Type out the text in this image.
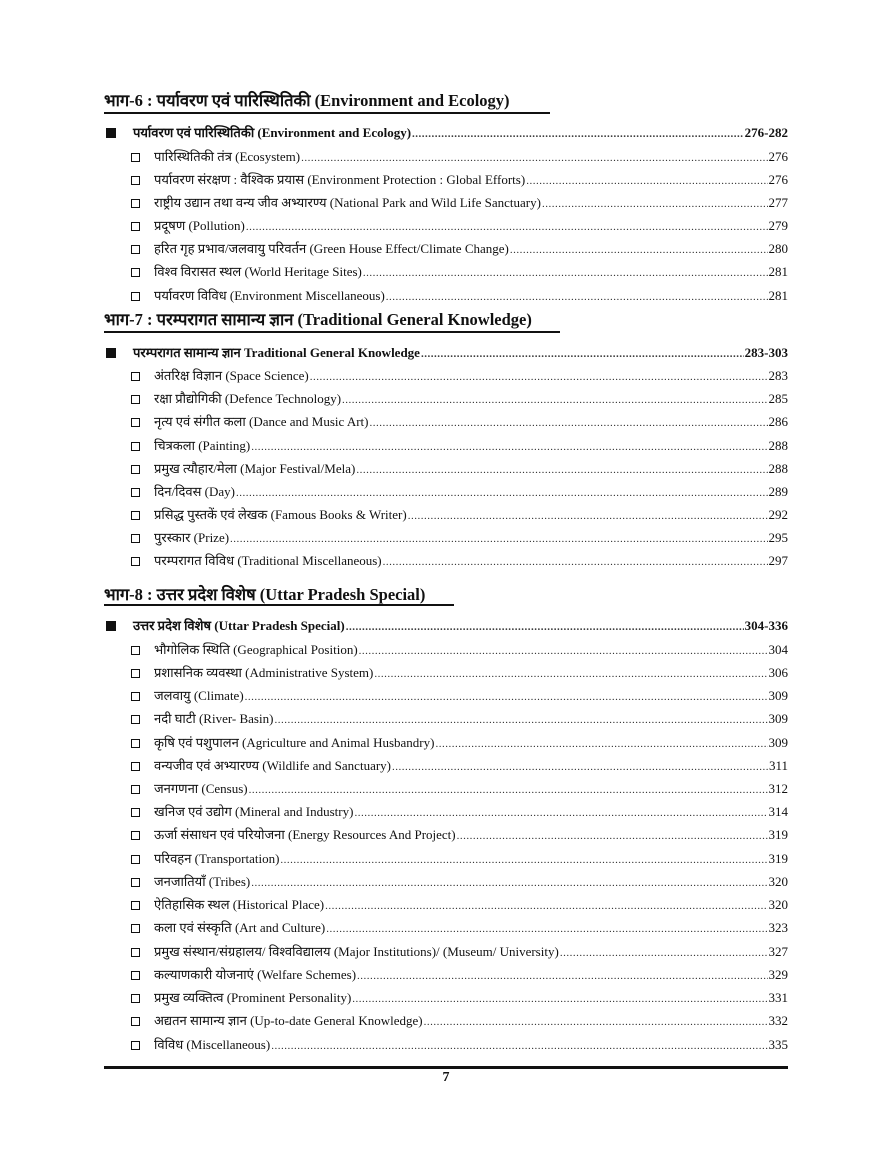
भाग-6 : पर्यावरण एवं पारिस्थितिकी (Environment and Ecology)
पर्यावरण एवं पारिस्थितिकी (Environment and Ecology) .....	276-282
पारिस्थितिकी तंत्र (Ecosystem) .....	276
पर्यावरण संरक्षण : वैश्विक प्रयास (Environment Protection : Global Efforts) .....	276
राष्ट्रीय उद्यान तथा वन्य जीव अभ्यारण्य (National Park and Wild Life Sanctuary) .....	277
प्रदूषण (Pollution) .....	279
हरित गृह प्रभाव/जलवायु परिवर्तन (Green House Effect/Climate Change) .....	280
विश्व विरासत स्थल (World Heritage Sites) .....	281
पर्यावरण विविध (Environment Miscellaneous) .....	281
भाग-7 : परम्परागत सामान्य ज्ञान (Traditional General Knowledge)
परम्परागत सामान्य ज्ञान Traditional General Knowledge .....	283-303
अंतरिक्ष विज्ञान (Space Science) .....	283
रक्षा प्रौद्योगिकी (Defence Technology) .....	285
नृत्य एवं संगीत कला (Dance and Music Art) .....	286
चित्रकला (Painting) .....	288
प्रमुख त्यौहार/मेला (Major Festival/Mela) .....	288
दिन/दिवस (Day) .....	289
प्रसिद्ध पुस्तकें एवं लेखक (Famous Books & Writer) .....	292
पुरस्कार (Prize) .....	295
परम्परागत विविध (Traditional Miscellaneous) .....	297
भाग-8 : उत्तर प्रदेश विशेष (Uttar Pradesh Special)
उत्तर प्रदेश विशेष (Uttar Pradesh Special) .....	304-336
भौगोलिक स्थिति (Geographical Position) .....	304
प्रशासनिक व्यवस्था (Administrative System) .....	306
जलवायु (Climate) .....	309
नदी घाटी (River- Basin) .....	309
कृषि एवं पशुपालन (Agriculture and Animal Husbandry) .....	309
वन्यजीव एवं अभ्यारण्य (Wildlife and Sanctuary) .....	311
जनगणना (Census) .....	312
खनिज एवं उद्योग (Mineral and Industry) .....	314
ऊर्जा संसाधन एवं परियोजना (Energy Resources And Project) .....	319
परिवहन (Transportation) .....	319
जनजातियाँ (Tribes) .....	320
ऐतिहासिक स्थल (Historical Place) .....	320
कला एवं संस्कृति (Art and Culture) .....	323
प्रमुख संस्थान/संग्रहालय/ विश्वविद्यालय (Major Institutions)/ (Museum/ University) .....	327
कल्याणकारी योजनाएं (Welfare Schemes) .....	329
प्रमुख व्यक्तित्व (Prominent Personality) .....	331
अद्यतन सामान्य ज्ञान (Up-to-date General Knowledge) .....	332
विविध (Miscellaneous) .....	335
7
